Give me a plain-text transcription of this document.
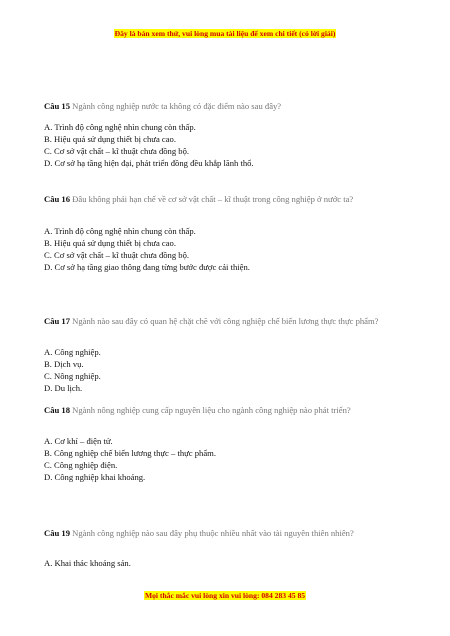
Đây là bản xem thử, vui lòng mua tài liệu để xem chi tiết (có lời giải)
Câu 15 Ngành công nghiệp nước ta không có đặc điểm nào sau đây?
A. Trình độ công nghệ nhìn chung còn thấp.
B. Hiệu quả sử dụng thiết bị chưa cao.
C. Cơ sở vật chất – kĩ thuật chưa đồng bộ.
D. Cơ sở hạ tầng hiện đại, phát triển đồng đều khắp lãnh thổ.
Câu 16 Đâu không phải hạn chế về cơ sở vật chất – kĩ thuật trong công nghiệp ở nước ta?
A. Trình độ công nghệ nhìn chung còn thấp.
B. Hiệu quả sử dụng thiết bị chưa cao.
C. Cơ sở vật chất – kĩ thuật chưa đồng bộ.
D. Cơ sở hạ tầng giao thông đang từng bước được cải thiện.
Câu 17 Ngành nào sau đây có quan hệ chặt chẽ với công nghiệp chế biến lương thực thực phẩm?
A. Công nghiệp.
B. Dịch vụ.
C. Nông nghiệp.
D. Du lịch.
Câu 18 Ngành nông nghiệp cung cấp nguyên liệu cho ngành công nghiệp nào phát triển?
A. Cơ khí – điện tử.
B. Công nghiệp chế biến lương thực – thực phẩm.
C. Công nghiệp điện.
D. Công nghiệp khai khoáng.
Câu 19 Ngành công nghiệp nào sau đây phụ thuộc nhiều nhất vào tài nguyên thiên nhiên?
A. Khai thác khoáng sản.
Mọi thắc mắc vui lòng xin vui lòng: 084 283 45 85
